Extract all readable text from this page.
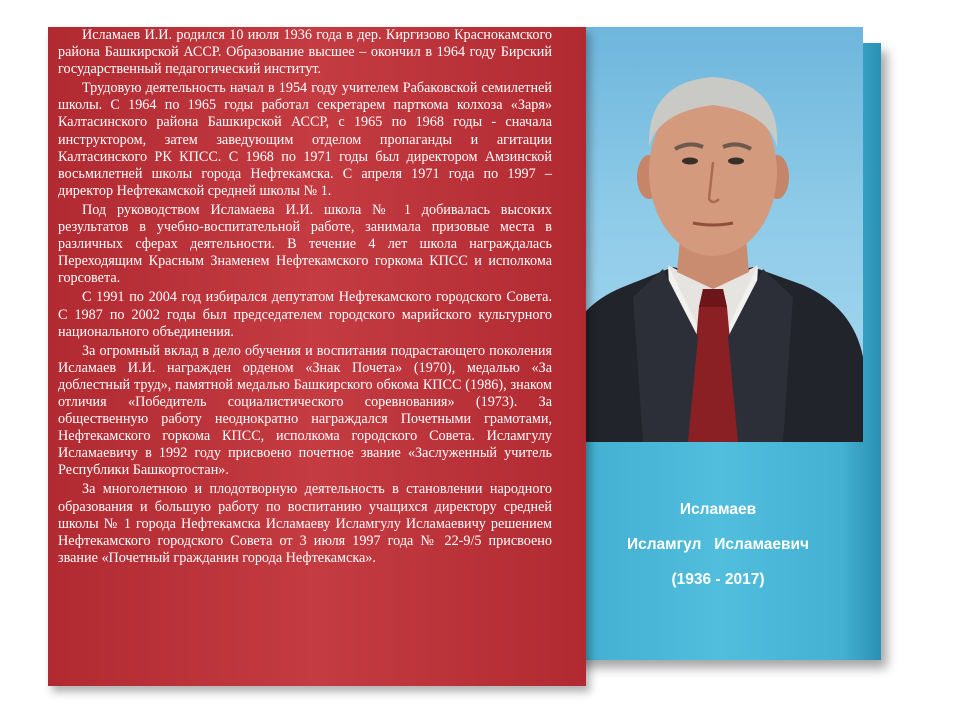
Исламаев И.И. родился 10 июля 1936 года в дер. Киргизово Краснокамского района Башкирской АССР. Образование высшее – окончил в 1964 году Бирский государственный педагогический институт.

Трудовую деятельность начал в 1954 году учителем Рабаковской семилетней школы. С 1964 по 1965 годы работал секретарем парткома колхоза «Заря» Калтасинского района Башкирской АССР, с 1965 по 1968 годы - сначала инструктором, затем заведующим отделом пропаганды и агитации Калтасинского РК КПСС. С 1968 по 1971 годы был директором Амзинской восьмилетней школы города Нефтекамска. С апреля 1971 года по 1997 – директор Нефтекамской средней школы № 1.

Под руководством Исламаева И.И. школа № 1 добивалась высоких результатов в учебно-воспитательной работе, занимала призовые места в различных сферах деятельности. В течение 4 лет школа награждалась Переходящим Красным Знаменем Нефтекамского горкома КПСС и исполкома горсовета.

С 1991 по 2004 год избирался депутатом Нефтекамского городского Совета. С 1987 по 2002 годы был председателем городского марийского культурного национального объединения.

За огромный вклад в дело обучения и воспитания подрастающего поколения Исламаев И.И. награжден орденом «Знак Почета» (1970), медалью «За доблестный труд», памятной медалью Башкирского обкома КПСС (1986), знаком отличия «Победитель социалистического соревнования» (1973). За общественную работу неоднократно награждался Почетными грамотами, Нефтекамского горкома КПСС, исполкома городского Совета. Исламгулу Исламаевичу в 1992 году присвоено почетное звание «Заслуженный учитель Республики Башкортостан».

За многолетнюю и плодотворную деятельность в становлении народного образования и большую работу по воспитанию учащихся директору средней школы № 1 города Нефтекамска Исламаеву Исламгулу Исламаевичу решением Нефтекамского городского Совета от 3 июля 1997 года № 22-9/5 присвоено звание «Почетный гражданин города Нефтекамска».

Исламаев
Исламгул   Исламаевич
(1936 - 2017)
